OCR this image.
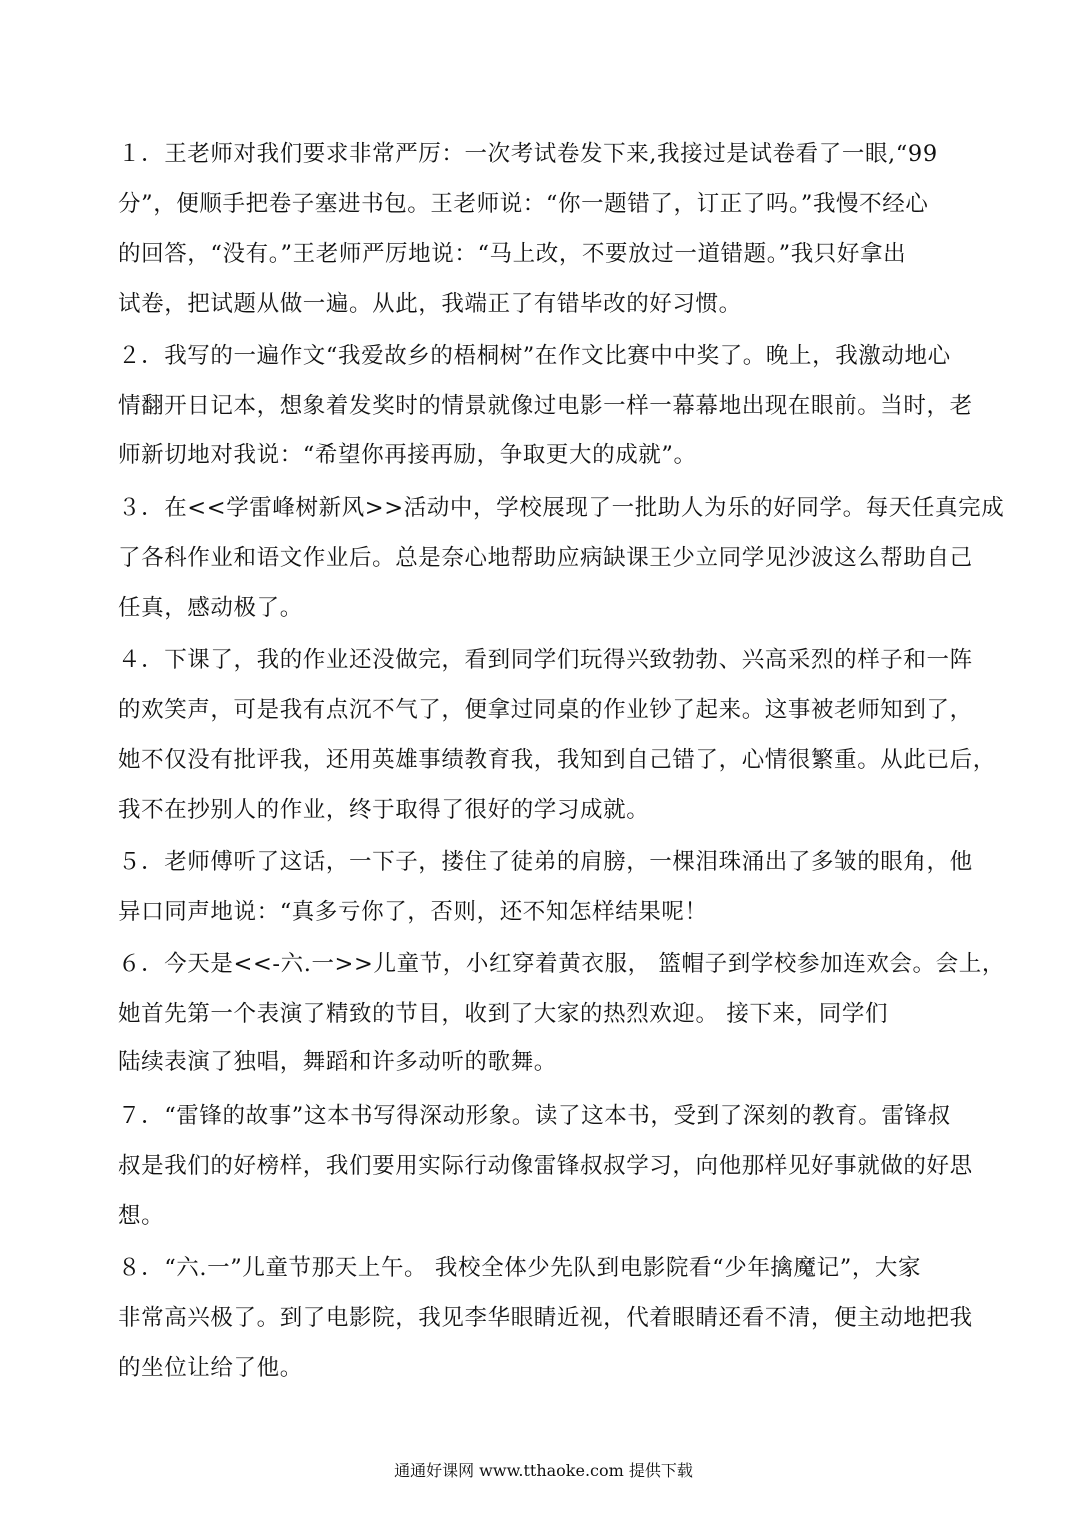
１．王老师对我们要求非常严厉：一次考试卷发下来,我接过是试卷看了一眼,“99
分”，便顺手把卷子塞进书包。王老师说：“你一题错了，订正了吗。”我慢不经心
的回答，“没有。”王老师严厉地说：“马上改，不要放过一道错题。”我只好拿出
试卷，把试题从做一遍。从此，我端正了有错毕改的好习惯。
２．我写的一遍作文“我爱故乡的梧桐树”在作文比赛中中奖了。晚上，我激动地心
情翻开日记本，想象着发奖时的情景就像过电影一样一幕幕地出现在眼前。当时，老
师新切地对我说：“希望你再接再励，争取更大的成就”。
３．在<<学雷峰树新风>>活动中，学校展现了一批助人为乐的好同学。每天任真完成
了各科作业和语文作业后。总是奈心地帮助应病缺课王少立同学见沙波这么帮助自己
任真，感动极了。
４．下课了，我的作业还没做完，看到同学们玩得兴致勃勃、兴高采烈的样子和一阵
的欢笑声，可是我有点沉不气了，便拿过同桌的作业钞了起来。这事被老师知到了，
她不仅没有批评我，还用英雄事绩教育我，我知到自己错了，心情很繁重。从此已后，
我不在抄别人的作业，终于取得了很好的学习成就。
５．老师傅听了这话，一下子，搂住了徒弟的肩膀，一棵泪珠涌出了多皱的眼角，他
异口同声地说：“真多亏你了，否则，还不知怎样结果呢！
６．今天是<<-六.一>>儿童节，小红穿着黄衣服， 篮帽子到学校参加连欢会。会上，
她首先第一个表演了精致的节目，收到了大家的热烈欢迎。 接下来，同学们
陆续表演了独唱，舞蹈和许多动听的歌舞。
７．“雷锋的故事”这本书写得深动形象。读了这本书，受到了深刻的教育。雷锋叔
叔是我们的好榜样，我们要用实际行动像雷锋叔叔学习，向他那样见好事就做的好思
想。
８．“六.一”儿童节那天上午。 我校全体少先队到电影院看“少年擒魔记”，大家
非常高兴极了。到了电影院，我见李华眼睛近视，代着眼睛还看不清，便主动地把我
的坐位让给了他。
通通好课网 www.tthaoke.com 提供下载
